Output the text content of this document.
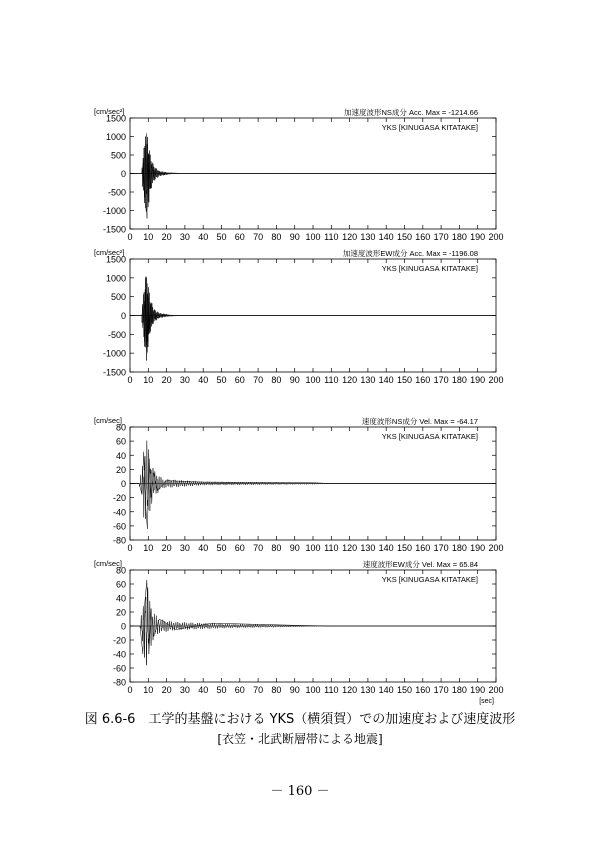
1500
1000
500
0
-500
-1000
-1500
0 10 20 30 40 50 60 70 80 90 100 110 120 130 140 150 160 170 180 190 200
[cm/sec²]	加速度波形NS成分 Acc. Max = -1214.66
YKS [KINUGASA KITATAKE]
1500
1000
500
0
-500
-1000
-1500
0 10 20 30 40 50 60 70 80 90 100 110 120 130 140 150 160 170 180 190 200
[cm/sec²]	加速度波形EW成分 Acc. Max = -1196.08
YKS [KINUGASA KITATAKE]
80
60
40
20
0
-20
-40
-60
-80
0 10 20 30 40 50 60 70 80 90 100 110 120 130 140 150 160 170 180 190 200
[cm/sec]	速度波形NS成分 Vel. Max = -64.17
YKS [KINUGASA KITATAKE]
80
60
40
20
0
-20
-40
-60
-80
0 10 20 30 40 50 60 70 80 90 100 110 120 130 140 150 160 170 180 190 200
[cm/sec]	速度波形EW成分 Vel. Max = 65.84
YKS [KINUGASA KITATAKE]
[sec]
図 6.6-6　工学的基盤における YKS（横須賀）での加速度および速度波形
[衣笠・北武断層帯による地震]
－ 160 －
